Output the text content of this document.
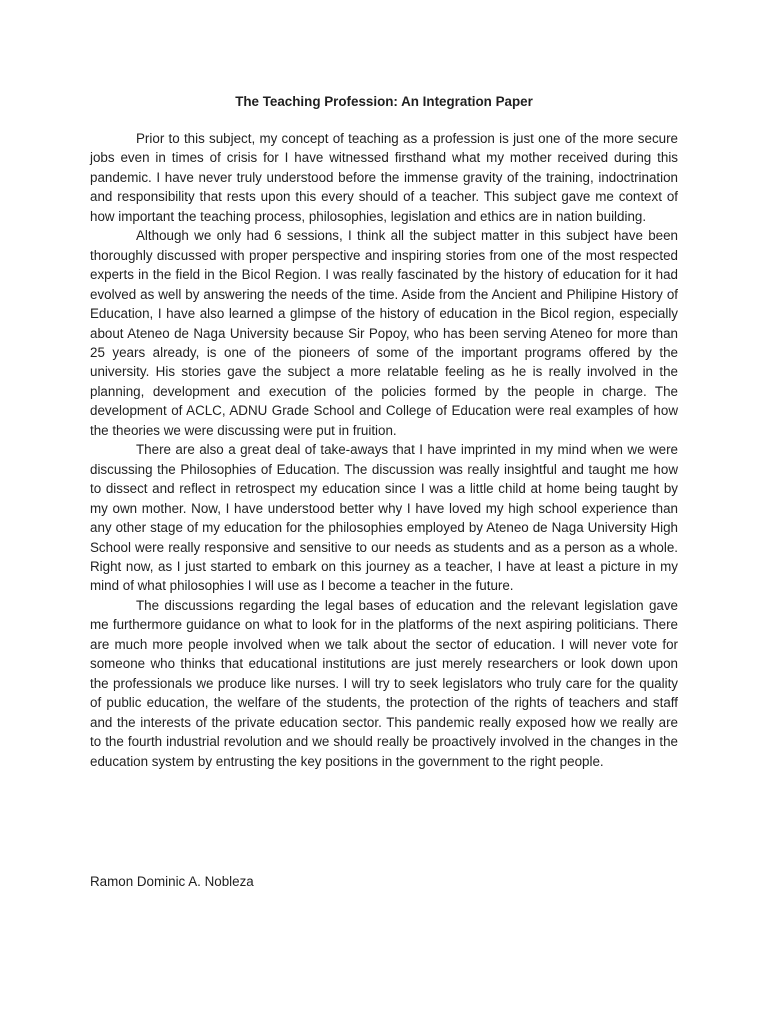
The Teaching Profession: An Integration Paper

Prior to this subject, my concept of teaching as a profession is just one of the more secure jobs even in times of crisis for I have witnessed firsthand what my mother received during this pandemic. I have never truly understood before the immense gravity of the training, indoctrination and responsibility that rests upon this every should of a teacher. This subject gave me context of how important the teaching process, philosophies, legislation and ethics are in nation building.

Although we only had 6 sessions, I think all the subject matter in this subject have been thoroughly discussed with proper perspective and inspiring stories from one of the most respected experts in the field in the Bicol Region. I was really fascinated by the history of education for it had evolved as well by answering the needs of the time. Aside from the Ancient and Philipine History of Education, I have also learned a glimpse of the history of education in the Bicol region, especially about Ateneo de Naga University because Sir Popoy, who has been serving Ateneo for more than 25 years already, is one of the pioneers of some of the important programs offered by the university. His stories gave the subject a more relatable feeling as he is really involved in the planning, development and execution of the policies formed by the people in charge. The development of ACLC, ADNU Grade School and College of Education were real examples of how the theories we were discussing were put in fruition.

There are also a great deal of take-aways that I have imprinted in my mind when we were discussing the Philosophies of Education. The discussion was really insightful and taught me how to dissect and reflect in retrospect my education since I was a little child at home being taught by my own mother. Now, I have understood better why I have loved my high school experience than any other stage of my education for the philosophies employed by Ateneo de Naga University High School were really responsive and sensitive to our needs as students and as a person as a whole. Right now, as I just started to embark on this journey as a teacher, I have at least a picture in my mind of what philosophies I will use as I become a teacher in the future.

The discussions regarding the legal bases of education and the relevant legislation gave me furthermore guidance on what to look for in the platforms of the next aspiring politicians. There are much more people involved when we talk about the sector of education. I will never vote for someone who thinks that educational institutions are just merely researchers or look down upon the professionals we produce like nurses. I will try to seek legislators who truly care for the quality of public education, the welfare of the students, the protection of the rights of teachers and staff and the interests of the private education sector. This pandemic really exposed how we really are to the fourth industrial revolution and we should really be proactively involved in the changes in the education system by entrusting the key positions in the government to the right people.

Ramon Dominic A. Nobleza
